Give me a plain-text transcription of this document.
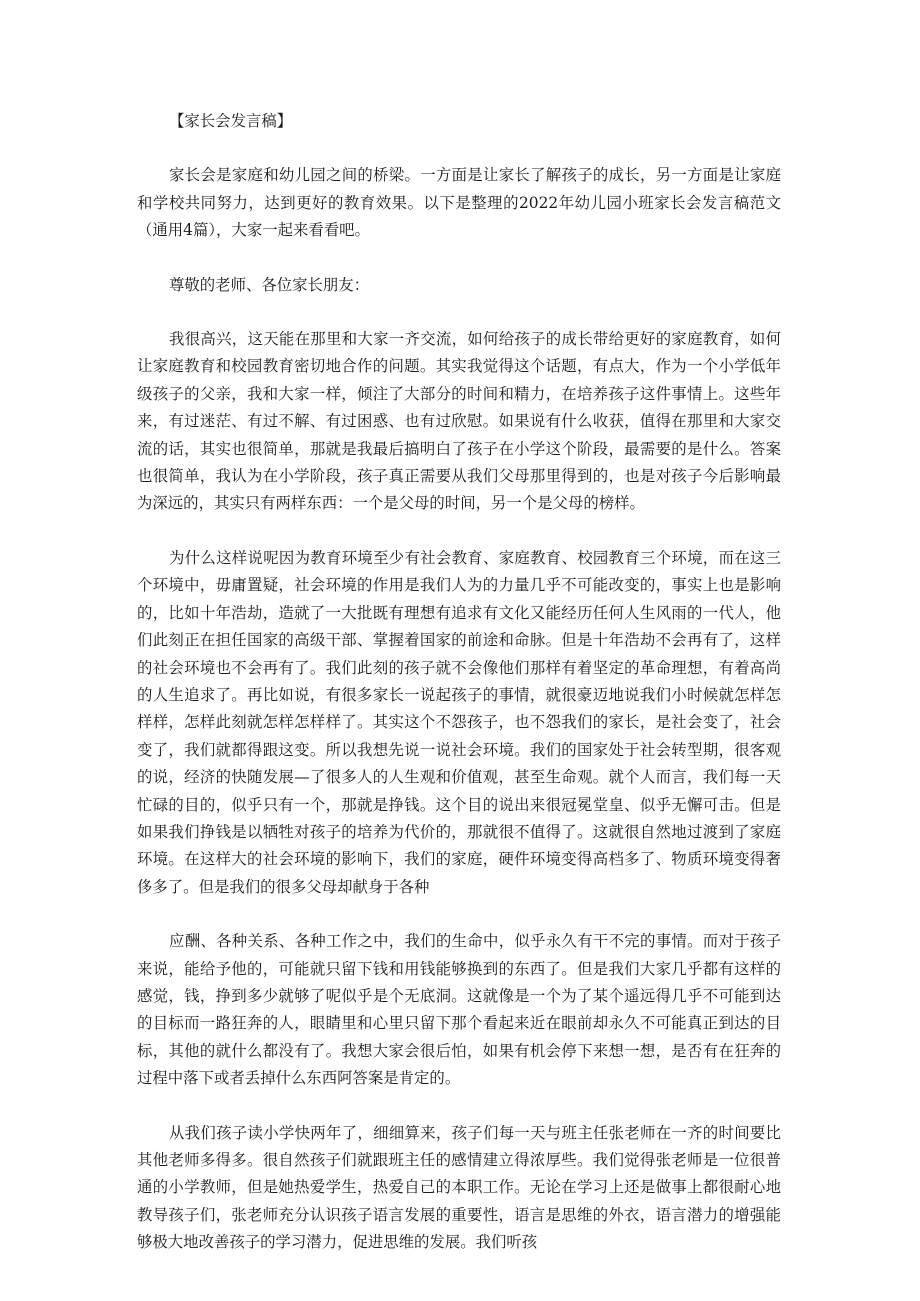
【家长会发言稿】

家长会是家庭和幼儿园之间的桥梁。一方面是让家长了解孩子的成长，另一方面是让家庭和学校共同努力，达到更好的教育效果。以下是整理的2022年幼儿园小班家长会发言稿范文（通用4篇），大家一起来看看吧。

尊敬的老师、各位家长朋友：

我很高兴，这天能在那里和大家一齐交流，如何给孩子的成长带给更好的家庭教育，如何让家庭教育和校园教育密切地合作的问题。其实我觉得这个话题，有点大，作为一个小学低年级孩子的父亲，我和大家一样，倾注了大部分的时间和精力，在培养孩子这件事情上。这些年来，有过迷茫、有过不解、有过困惑、也有过欣慰。如果说有什么收获，值得在那里和大家交流的话，其实也很简单，那就是我最后搞明白了孩子在小学这个阶段，最需要的是什么。答案也很简单，我认为在小学阶段，孩子真正需要从我们父母那里得到的，也是对孩子今后影响最为深远的，其实只有两样东西：一个是父母的时间，另一个是父母的榜样。

为什么这样说呢因为教育环境至少有社会教育、家庭教育、校园教育三个环境，而在这三个环境中，毋庸置疑，社会环境的作用是我们人为的力量几乎不可能改变的，事实上也是影响的，比如十年浩劫，造就了一大批既有理想有追求有文化又能经历任何人生风雨的一代人，他们此刻正在担任国家的高级干部、掌握着国家的前途和命脉。但是十年浩劫不会再有了，这样的社会环境也不会再有了。我们此刻的孩子就不会像他们那样有着坚定的革命理想，有着高尚的人生追求了。再比如说，有很多家长一说起孩子的事情，就很豪迈地说我们小时候就怎样怎样样，怎样此刻就怎样怎样样了。其实这个不怨孩子，也不怨我们的家长，是社会变了，社会变了，我们就都得跟这变。所以我想先说一说社会环境。我们的国家处于社会转型期，很客观的说，经济的快随发展—了很多人的人生观和价值观，甚至生命观。就个人而言，我们每一天忙碌的目的，似乎只有一个，那就是挣钱。这个目的说出来很冠冕堂皇、似乎无懈可击。但是如果我们挣钱是以牺牲对孩子的培养为代价的，那就很不值得了。这就很自然地过渡到了家庭环境。在这样大的社会环境的影响下，我们的家庭，硬件环境变得高档多了、物质环境变得奢侈多了。但是我们的很多父母却献身于各种

应酬、各种关系、各种工作之中，我们的生命中，似乎永久有干不完的事情。而对于孩子来说，能给予他的，可能就只留下钱和用钱能够换到的东西了。但是我们大家几乎都有这样的感觉，钱，挣到多少就够了呢似乎是个无底洞。这就像是一个为了某个遥远得几乎不可能到达的目标而一路狂奔的人，眼睛里和心里只留下那个看起来近在眼前却永久不可能真正到达的目标，其他的就什么都没有了。我想大家会很后怕，如果有机会停下来想一想，是否有在狂奔的过程中落下或者丢掉什么东西阿答案是肯定的。

从我们孩子读小学快两年了，细细算来，孩子们每一天与班主任张老师在一齐的时间要比其他老师多得多。很自然孩子们就跟班主任的感情建立得浓厚些。我们觉得张老师是一位很普通的小学教师，但是她热爱学生，热爱自己的本职工作。无论在学习上还是做事上都很耐心地教导孩子们，张老师充分认识孩子语言发展的重要性，语言是思维的外衣，语言潜力的增强能够极大地改善孩子的学习潜力，促进思维的发展。我们听孩
